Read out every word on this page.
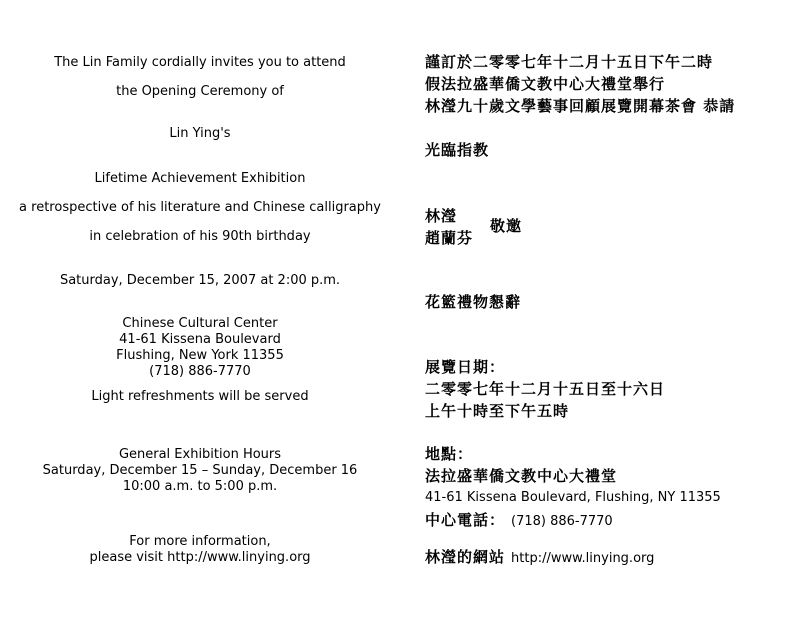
The Lin Family cordially invites you to attend
the Opening Ceremony of
Lin Ying's
Lifetime Achievement Exhibition
a retrospective of his literature and Chinese calligraphy
in celebration of his 90th birthday
Saturday, December 15, 2007 at 2:00 p.m.
Chinese Cultural Center
41-61 Kissena Boulevard
Flushing, New York 11355
(718) 886-7770
Light refreshments will be served
General Exhibition Hours
Saturday, December 15 – Sunday, December 16
10:00 a.m. to 5:00 p.m.
For more information,
please visit http://www.linying.org
謹訂於二零零七年十二月十五日下午二時
假法拉盛華僑文教中心大禮堂舉行
林瀅九十歲文學藝事回顧展覽開幕茶會 恭請
光臨指教
林瀅
趙蘭芬
敬邀
花籃禮物懇辭
展覽日期：
二零零七年十二月十五日至十六日
上午十時至下午五時
地點：
法拉盛華僑文教中心大禮堂
41-61 Kissena Boulevard, Flushing, NY 11355
中心電話： (718) 886-7770
林瀅的網站 http://www.linying.org
